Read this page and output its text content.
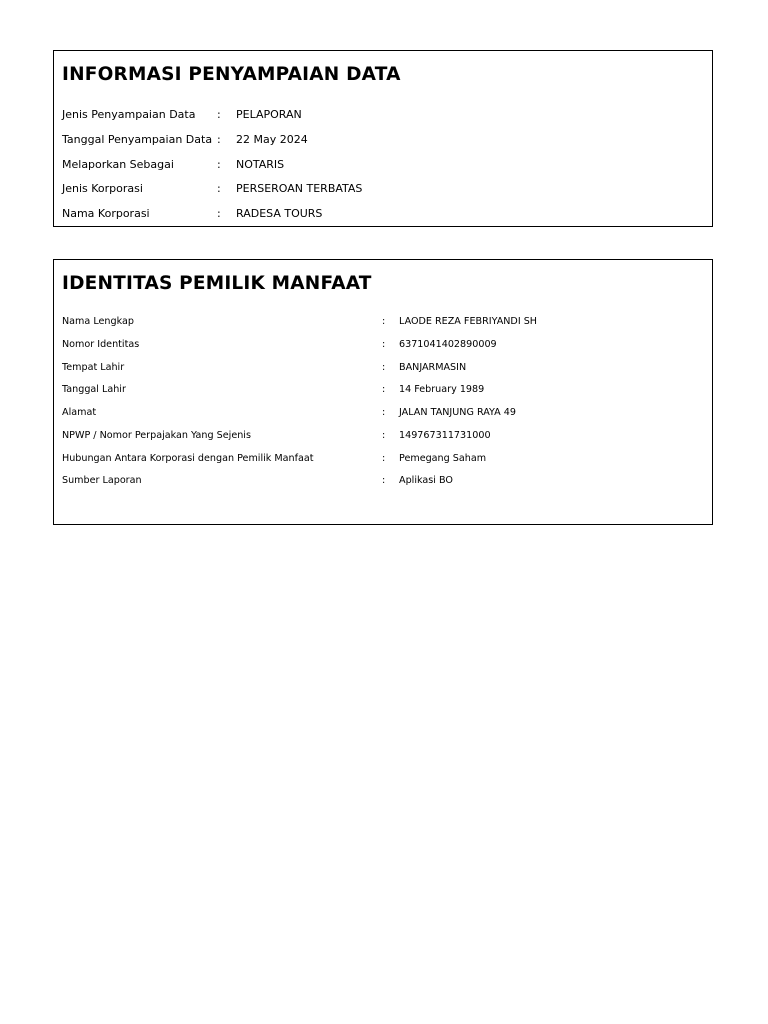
INFORMASI PENYAMPAIAN DATA
Jenis Penyampaian Data : PELAPORAN
Tanggal Penyampaian Data : 22 May 2024
Melaporkan Sebagai	: NOTARIS
Jenis Korporasi	: PERSEROAN TERBATAS
Nama Korporasi	: RADESA TOURS
IDENTITAS PEMILIK MANFAAT
Nama Lengkap	: LAODE REZA FEBRIYANDI SH
Nomor Identitas	: 6371041402890009
Tempat Lahir	: BANJARMASIN
Tanggal Lahir	: 14 February 1989
Alamat	: JALAN TANJUNG RAYA 49
NPWP / Nomor Perpajakan Yang Sejenis	: 149767311731000
Hubungan Antara Korporasi dengan Pemilik Manfaat	: Pemegang Saham
Sumber Laporan	: Aplikasi BO
